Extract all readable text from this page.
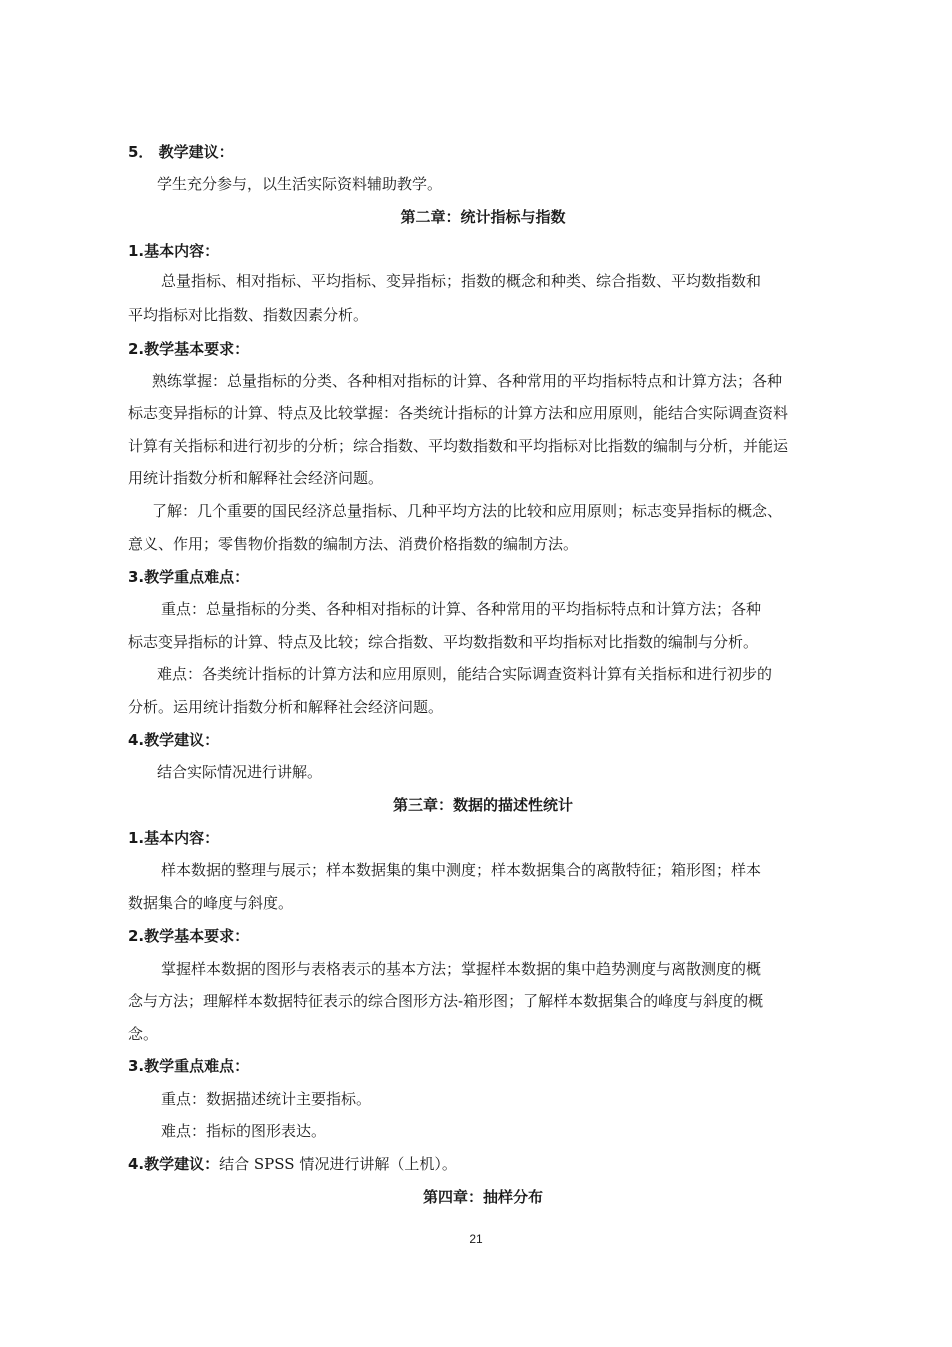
5． 教学建议：
学生充分参与，以生活实际资料辅助教学。
第二章：统计指标与指数
1.基本内容：
总量指标、相对指标、平均指标、变异指标；指数的概念和种类、综合指数、平均数指数和
平均指标对比指数、指数因素分析。
2.教学基本要求：
熟练掌握：总量指标的分类、各种相对指标的计算、各种常用的平均指标特点和计算方法；各种
标志变异指标的计算、特点及比较掌握：各类统计指标的计算方法和应用原则，能结合实际调查资料
计算有关指标和进行初步的分析；综合指数、平均数指数和平均指标对比指数的编制与分析，并能运
用统计指数分析和解释社会经济问题。
了解：几个重要的国民经济总量指标、几种平均方法的比较和应用原则；标志变异指标的概念、
意义、作用；零售物价指数的编制方法、消费价格指数的编制方法。
3.教学重点难点：
重点：总量指标的分类、各种相对指标的计算、各种常用的平均指标特点和计算方法；各种
标志变异指标的计算、特点及比较；综合指数、平均数指数和平均指标对比指数的编制与分析。
难点：各类统计指标的计算方法和应用原则，能结合实际调查资料计算有关指标和进行初步的
分析。运用统计指数分析和解释社会经济问题。
4.教学建议：
结合实际情况进行讲解。
第三章：数据的描述性统计
1.基本内容：
样本数据的整理与展示；样本数据集的集中测度；样本数据集合的离散特征；箱形图；样本
数据集合的峰度与斜度。
2.教学基本要求：
掌握样本数据的图形与表格表示的基本方法；掌握样本数据的集中趋势测度与离散测度的概
念与方法；理解样本数据特征表示的综合图形方法-箱形图；了解样本数据集合的峰度与斜度的概
念。
3.教学重点难点：
重点：数据描述统计主要指标。
难点：指标的图形表达。
4.教学建议：结合 SPSS 情况进行讲解（上机）。
第四章：抽样分布
21
